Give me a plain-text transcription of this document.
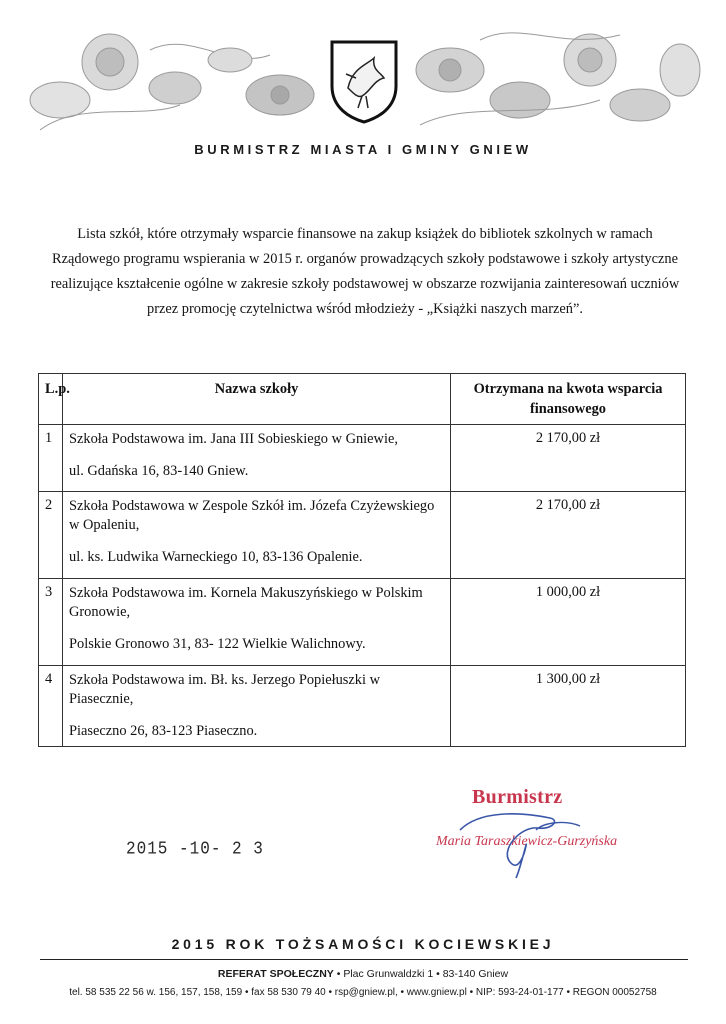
BURMISTRZ MIASTA I GMINY GNIEW
Lista szkół, które otrzymały wsparcie finansowe na zakup książek do bibliotek szkolnych w ramach Rządowego programu wspierania w 2015 r. organów prowadzących szkoły podstawowe i szkoły artystyczne realizujące kształcenie ogólne w zakresie szkoły podstawowej w obszarze rozwijania zainteresowań uczniów przez promocję czytelnictwa wśród młodzieży - „Książki naszych marzeń”.
L.p.	Nazwa szkoły	Otrzymana na kwota wsparcia finansowego
1	Szkoła Podstawowa im. Jana III Sobieskiego w Gniewie,
ul. Gdańska 16, 83-140 Gniew.	2 170,00 zł
2	Szkoła Podstawowa w Zespole Szkół im. Józefa Czyżewskiego w Opaleniu,
ul. ks. Ludwika Warneckiego 10, 83-136 Opalenie.	2 170,00 zł
3	Szkoła Podstawowa im. Kornela Makuszyńskiego w Polskim Gronowie,
Polskie Gronowo 31, 83- 122 Wielkie Walichnowy.	1 000,00 zł
4	Szkoła Podstawowa im. Bł. ks. Jerzego Popiełuszki w Piasecznie,
Piaseczno 26, 83-123 Piaseczno.	1 300,00 zł
Burmistrz
Maria Taraszkiewicz-Gurzyńska
2015 -10- 2 3
2015 ROK TOŻSAMOŚCI KOCIEWSKIEJ
REFERAT SPOŁECZNY • Plac Grunwaldzki 1 • 83-140 Gniew
tel. 58 535 22 56 w. 156, 157, 158, 159 • fax 58 530 79 40 • rsp@gniew.pl, • www.gniew.pl • NIP: 593-24-01-177 • REGON 00052758
